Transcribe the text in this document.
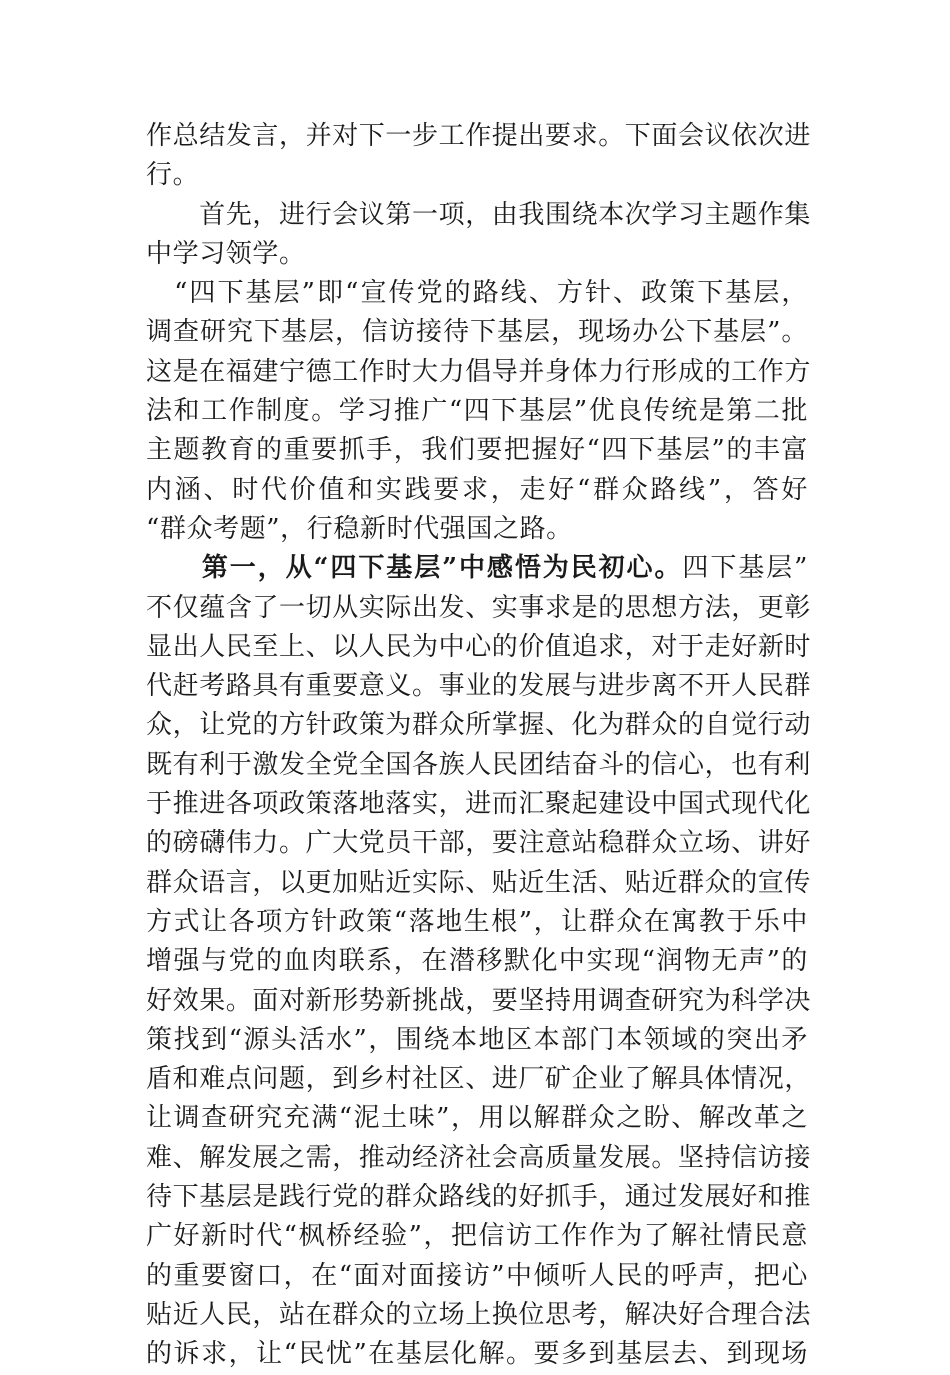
作总结发言，并对下一步工作提出要求。下面会议依次进
行。
　　首先，进行会议第一项，由我围绕本次学习主题作集
中学习领学。
　“四下基层”即“宣传党的路线、方针、政策下基层，
调查研究下基层，信访接待下基层，现场办公下基层”。
这是在福建宁德工作时大力倡导并身体力行形成的工作方
法和工作制度。学习推广“四下基层”优良传统是第二批
主题教育的重要抓手，我们要把握好“四下基层”的丰富
内涵、时代价值和实践要求，走好“群众路线”，答好
“群众考题”，行稳新时代强国之路。
　　第一，从“四下基层”中感悟为民初心。四下基层”
不仅蕴含了一切从实际出发、实事求是的思想方法，更彰
显出人民至上、以人民为中心的价值追求，对于走好新时
代赶考路具有重要意义。事业的发展与进步离不开人民群
众，让党的方针政策为群众所掌握、化为群众的自觉行动
既有利于激发全党全国各族人民团结奋斗的信心，也有利
于推进各项政策落地落实，进而汇聚起建设中国式现代化
的磅礴伟力。广大党员干部，要注意站稳群众立场、讲好
群众语言，以更加贴近实际、贴近生活、贴近群众的宣传
方式让各项方针政策“落地生根”，让群众在寓教于乐中
增强与党的血肉联系，在潜移默化中实现“润物无声”的
好效果。面对新形势新挑战，要坚持用调查研究为科学决
策找到“源头活水”，围绕本地区本部门本领域的突出矛
盾和难点问题，到乡村社区、进厂矿企业了解具体情况，
让调查研究充满“泥土味”，用以解群众之盼、解改革之
难、解发展之需，推动经济社会高质量发展。坚持信访接
待下基层是践行党的群众路线的好抓手，通过发展好和推
广好新时代“枫桥经验”，把信访工作作为了解社情民意
的重要窗口，在“面对面接访”中倾听人民的呼声，把心
贴近人民，站在群众的立场上换位思考，解决好合理合法
的诉求，让“民忧”在基层化解。要多到基层去、到现场
